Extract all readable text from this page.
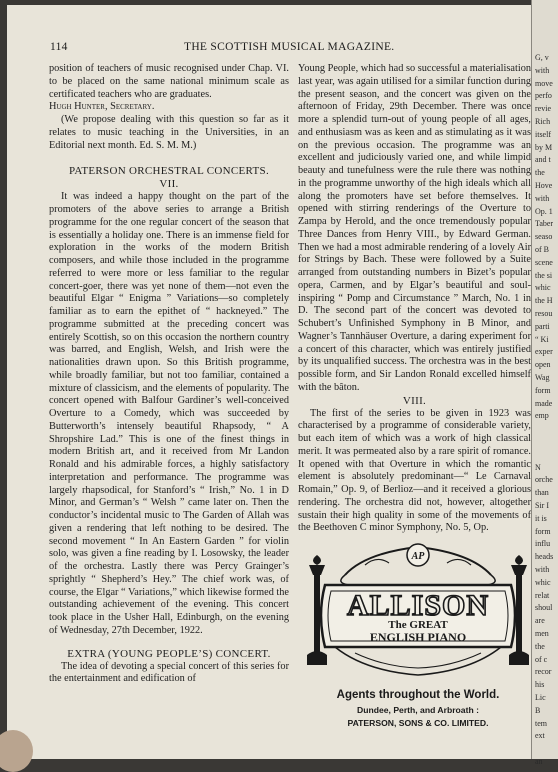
114	THE SCOTTISH MUSICAL MAGAZINE.

position of teachers of music recognised under Chap. VI. to be placed on the same national minimum scale as certificated teachers who are graduates.

Hugh Hunter, Secretary.

(We propose dealing with this question so far as it relates to music teaching in the Universities, in an Editorial next month. Ed. S. M. M.)

PATERSON ORCHESTRAL CONCERTS.
VII.

It was indeed a happy thought on the part of the promoters of the above series to arrange a British programme for the one regular concert of the season that is essentially a holiday one. There is an immense field for exploration in the works of the modern British composers, and while those included in the programme referred to were more or less familiar to the regular concert-goer, there was yet none of them—not even the beautiful Elgar “ Enigma ” Variations—so completely familiar as to earn the epithet of “ hackneyed.” The programme submitted at the preceding concert was entirely Scottish, so on this occasion the northern country was barred, and English, Welsh, and Irish were the nationalities drawn upon. So this British programme, while broadly familiar, but not too familiar, contained a mixture of classicism, and the elements of popularity. The concert opened with Balfour Gardiner’s well-conceived Overture to a Comedy, which was succeeded by Butterworth’s intensely beautiful Rhapsody, “ A Shropshire Lad.” This is one of the finest things in modern British art, and it received from Mr Landon Ronald and his admirable forces, a highly satisfactory interpretation and performance. The programme was largely rhapsodical, for Stanford’s “ Irish,” No. 1 in D Minor, and German’s “ Welsh ” came later on. Then the conductor’s incidental music to The Garden of Allah was given a rendering that left nothing to be desired. The second movement “ In An Eastern Garden ” for violin solo, was given a fine reading by I. Losowsky, the leader of the orchestra. Lastly there was Percy Grainger’s sprightly “ Shepherd’s Hey.” The chief work was, of course, the Elgar “ Variations,” which likewise formed the outstanding achievement of the evening. This concert took place in the Usher Hall, Edinburgh, on the evening of Wednesday, 27th December, 1922.

EXTRA (YOUNG PEOPLE’S) CONCERT.

The idea of devoting a special concert of this series for the entertainment and edification of

Young People, which had so successful a materialisation last year, was again utilised for a similar function during the present season, and the concert was given on the afternoon of Friday, 29th December. There was once more a splendid turn-out of young people of all ages, and enthusiasm was as keen and as stimulating as it was on the previous occasion. The programme was an excellent and judiciously varied one, and while limpid beauty and tunefulness were the rule there was nothing in the programme unworthy of the high ideals which all along the promoters have set before themselves. It opened with stirring renderings of the Overture to Zampa by Herold, and the once tremendously popular Three Dances from Henry VIII., by Edward German. Then we had a most admirable rendering of a lovely Air for Strings by Bach. These were followed by a Suite arranged from outstanding numbers in Bizet’s popular opera, Carmen, and by Elgar’s beautiful and soul-inspiring “ Pomp and Circumstance ” March, No. 1 in D. The second part of the concert was devoted to Schubert’s Unfinished Symphony in B Minor, and Wagner’s Tannhäuser Overture, a daring experiment for a concert of this character, which was entirely justified by its unqualified success. The orchestra was in the best possible form, and Sir Landon Ronald excelled himself with the bâton.

VIII.

The first of the series to be given in 1923 was characterised by a programme of considerable variety, but each item of which was a work of high classical merit. It was permeated also by a rare spirit of romance. It opened with that Overture in which the romantic element is absolutely predominant—“ Le Carnaval Romain,” Op. 9, of Berlioz—and it received a glorious rendering. The orchestra did not, however, altogether sustain their high quality in some of the movements of the Beethoven C minor Symphony, No. 5, Op.

AP
ALLISON
The GREAT
ENGLISH PIANO
Agents throughout the World.
Dundee, Perth, and Arbroath :
PATERSON, SONS & CO. LIMITED.
G, v
with
move
perfo
revie
Rich
itself
by M
and t
the
Hove
with
Op. 1
Taber
seaso
of B
scene
the si
whic
the H
resou
parti
“ Ki
exper
open
Wag
form
made
emp
N
orche
than
Sir I
it is
form
influ
heads
with
whic
relat
shoul
are
men
the
of c
recor
his
Lic
B
tem
ext
an
